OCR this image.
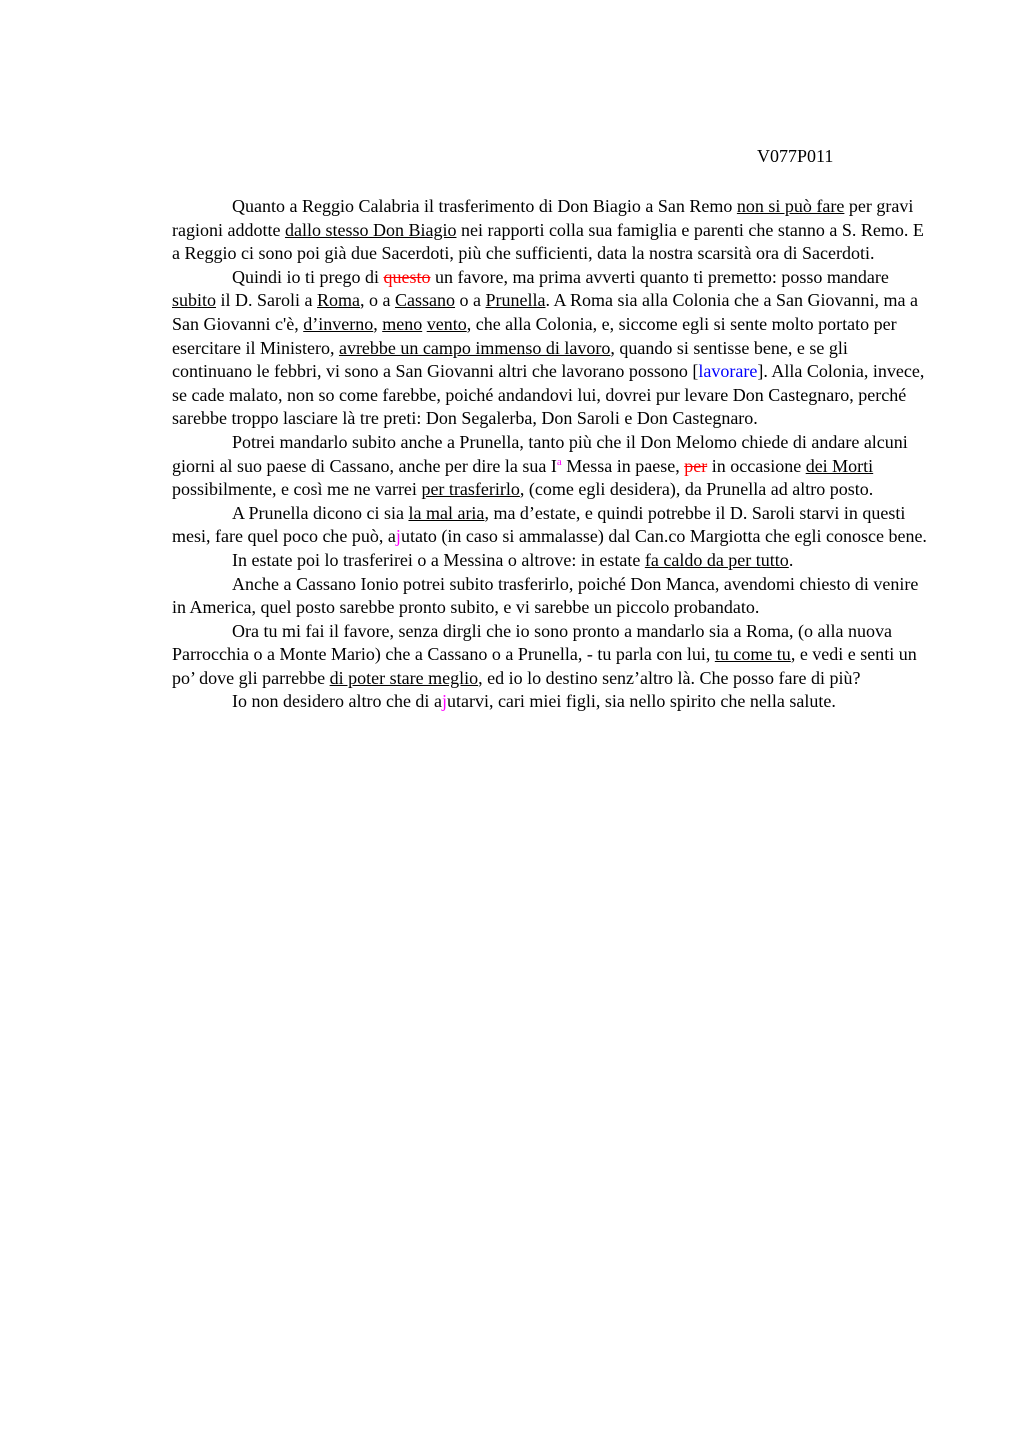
V077P011

Quanto a Reggio Calabria il trasferimento di Don Biagio a San Remo non si può fare per gravi ragioni addotte dallo stesso Don Biagio nei rapporti colla sua famiglia e parenti che stanno a S. Remo. E a Reggio ci sono poi già due Sacerdoti, più che sufficienti, data la nostra scarsità ora di Sacerdoti.

Quindi io ti prego di questo un favore, ma prima avverti quanto ti premetto: posso mandare subito il D. Saroli a Roma, o a Cassano o a Prunella. A Roma sia alla Colonia che a San Giovanni, ma a San Giovanni c'è, d’inverno, meno vento, che alla Colonia, e, siccome egli si sente molto portato per esercitare il Ministero, avrebbe un campo immenso di lavoro, quando si sentisse bene, e se gli continuano le febbri, vi sono a San Giovanni altri che lavorano possono [lavorare]. Alla Colonia, invece, se cade malato, non so come farebbe, poiché andandovi lui, dovrei pur levare Don Castegnaro, perché sarebbe troppo lasciare là tre preti: Don Segalerba, Don Saroli e Don Castegnaro.

Potrei mandarlo subito anche a Prunella, tanto più che il Don Melomo chiede di andare alcuni giorni al suo paese di Cassano, anche per dire la sua $I^a$ Messa in paese, per in occasione dei Morti possibilmente, e così me ne varrei per trasferirlo, (come egli desidera), da Prunella ad altro posto.

A Prunella dicono ci sia la mal aria, ma d’estate, e quindi potrebbe il D. Saroli starvi in questi mesi, fare quel poco che può, ajutato (in caso si ammalasse) dal Can.co Margiotta che egli conosce bene.

In estate poi lo trasferirei o a Messina o altrove: in estate fa caldo da per tutto.

Anche a Cassano Ionio potrei subito trasferirlo, poiché Don Manca, avendomi chiesto di venire in America, quel posto sarebbe pronto subito, e vi sarebbe un piccolo probandato.

Ora tu mi fai il favore, senza dirgli che io sono pronto a mandarlo sia a Roma, (o alla nuova Parrocchia o a Monte Mario) che a Cassano o a Prunella, - tu parla con lui, tu come tu, e vedi e senti un po’ dove gli parrebbe di poter stare meglio, ed io lo destino senz’altro là. Che posso fare di più?

Io non desidero altro che di ajutarvi, cari miei figli, sia nello spirito che nella salute.
